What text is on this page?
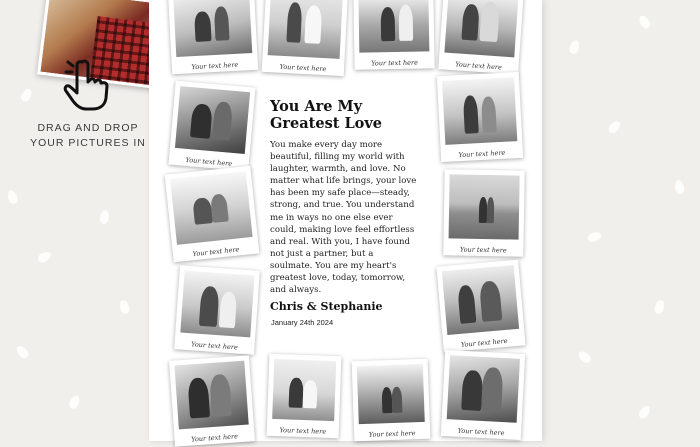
DRAG AND DROP
YOUR PICTURES IN
Your text here	Your text here	Your text here	Your text here
Your text here
Your text here
Your text here	Your text here
Your text here	Your text here
Your text here
Your text here	Your text here	Your text here
You Are My
Greatest Love
You make every day more beautiful, filling my world with laughter, warmth, and love. No matter what life brings, your love has been my safe place—steady, strong, and true. You understand me in ways no one else ever could, making love feel effortless and real. With you, I have found not just a partner, but a soulmate. You are my heart's greatest love, today, tomorrow, and always.
Chris & Stephanie
January 24th 2024
